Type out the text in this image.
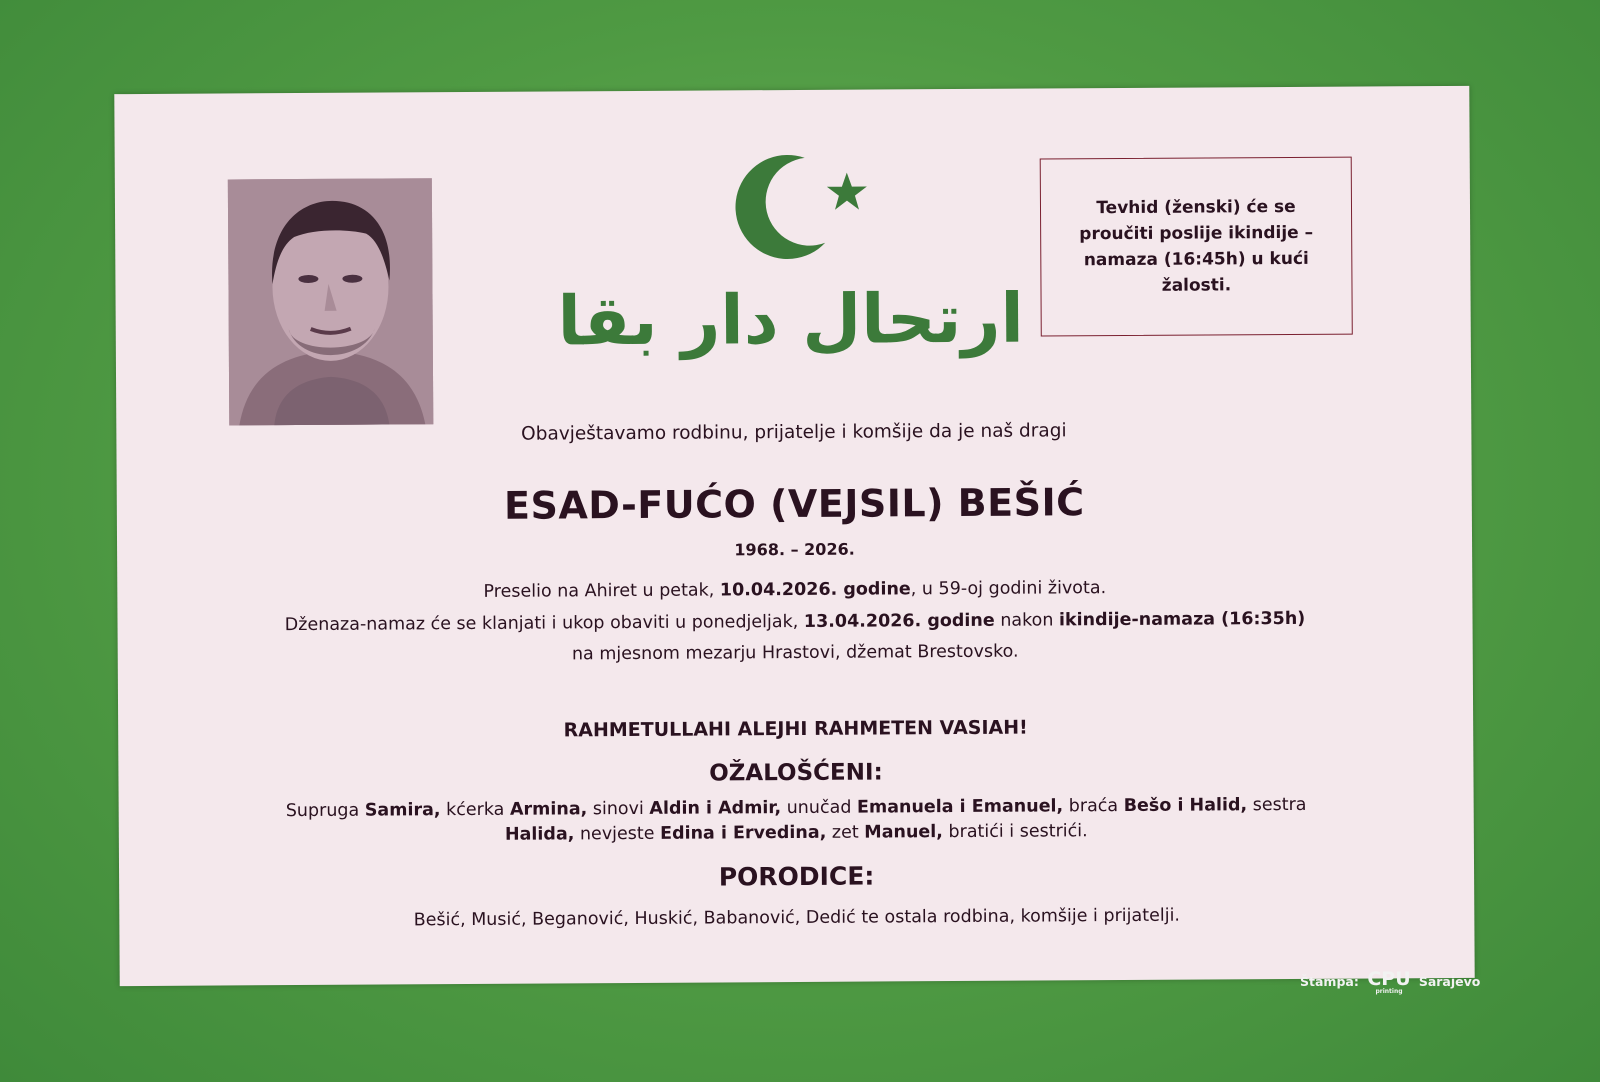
ارتحال دار بقا
Tevhid (ženski) će se proučiti poslije ikindije – namaza (16:45h) u kući žalosti.
Obavještavamo rodbinu, prijatelje i komšije da je naš dragi
ESAD-FUĆO (VEJSIL) BEŠIĆ
1968. – 2026.
Preselio na Ahiret u petak, 10.04.2026. godine, u 59-oj godini života.
Dženaza-namaz će se klanjati i ukop obaviti u ponedjeljak, 13.04.2026. godine nakon ikindije-namaza (16:35h)
na mjesnom mezarju Hrastovi, džemat Brestovsko.
RAHMETULLAHI ALEJHI RAHMETEN VASIAH!
OŽALOŠĆENI:
Supruga Samira, kćerka Armina, sinovi Aldin i Admir, unučad Emanuela i Emanuel, braća Bešo i Halid, sestra
Halida, nevjeste Edina i Ervedina, zet Manuel, bratići i sestrići.
PORODICE:
Bešić, Musić, Beganović, Huskić, Babanović, Dedić te ostala rodbina, komšije i prijatelji.
Štampa: CPU
printing
Sarajevo
